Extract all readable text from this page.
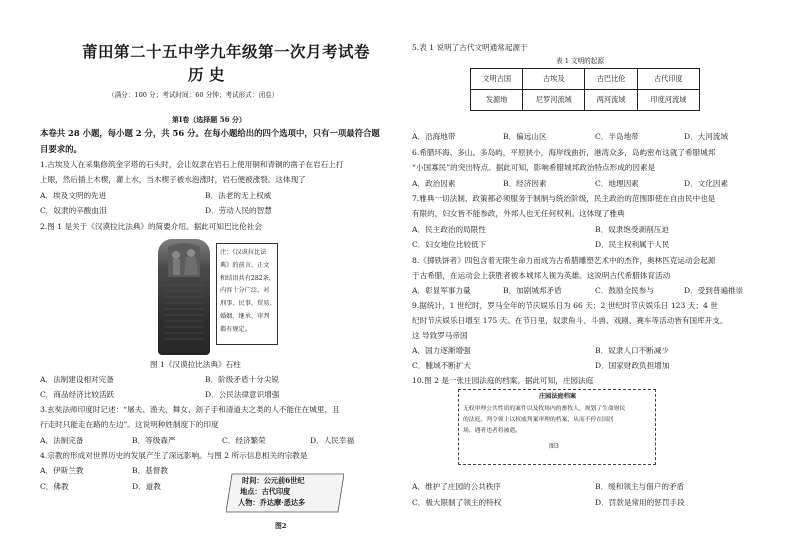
莆田第二十五中学九年级第一次月考试卷
历 史
（满分：100 分；考试时间：60 分钟；考试形式：闭卷）
第Ⅰ卷（选择题 56 分）
本卷共 28 小题，每小题 2 分，共 56 分。在每小题给出的四个选项中，只有一项最符合题
目要求的。
1.古埃及人在采集修筑金字塔的石头时，会让奴隶在岩石上使用铜和青铜的凿子在岩石上打
上眼，然后插上木楔，灌上水，当木楔子被水泡涨时，岩石便被涨裂。这体现了
A．埃及文明的先进	B．法老的无上权威
C．奴隶的辛酸血泪	D．劳动人民的智慧
2.图 1 是关于《汉谟拉比法典》的简要介绍。据此可知巴比伦社会
注：《汉谟拉比法
典》的前言、正文
和结语共有282条，
内容十分广泛，对
刑事、民事、贸易、
婚姻、继承、审判
都有规定。
图 1《汉谟拉比法典》石柱
A．法制建设相对完备	B．阶级矛盾十分尖锐
C．商品经济比较活跃	D．公民法律意识增强
3.玄奘法师印度时记述：“屠夫、渔夫、舞女、刽子手和清道夫之类的人不能住在城里，且
行走时只能走在路的左边”。这说明种姓制度下的印度
A．法制完备	B．等级森严	C．经济繁荣	D．人民幸福
4.宗教的形成对世界历史的发展产生了深远影响。与图 2 所示信息相关的宗教是
A．伊斯兰教	B．基督教
C．佛教	D．道教
时间：公元前6世纪
地点：古代印度
人物：乔达摩·悉达多
图2
5.表 1 说明了古代文明通常起源于
表 1 文明的起源
文明古国	古埃及	古巴比伦	古代印度
发源地	尼罗河流域	两河流域	印度河流域
A．沿海地带	B．偏远山区	C．半岛地带	D．大河流域
6.希腊环海、多山、多岛屿，平原狭小，海岸线曲折，港湾众多，岛屿密布这就了希腊城邦
“小国寡民”的突出特点。据此可知，影响希腊城邦政治特点形成的因素是
A．政治因素	B．经济因素	C．地理因素	D．文化因素
7.雅典一切法制、政策都必须服务于制制与统治阶级，民主政治的范围即使在自由民中也是
有限的，妇女皆不能参政，外邦人也无任何权利。这体现了雅典
A．民主政治的局限性	B．奴隶饱受剥削压迫
C．妇女地位比较低下	D．民主权利属于人民
8.《掷铁饼者》四包含着无限生命力而成为古希腊雕塑艺术中的杰作，奥林匹克运动会起源
于古希腊，在运动会上获胜者被本城邦人视为英雄。这说明古代希腊体育活动
A．彰显军事力量	B．加剧城邦矛盾	C．鼓励全民参与	D．受到普遍推崇
9.据统计，1 世纪时，罗马全年的节庆娱乐日为 66 天；2 世纪时节庆娱乐日 123 天；4 世
纪时节庆娱乐日增至 175 天。在节日里，奴隶角斗、斗兽、戏剧、赛车等活动皆有国库开支。
这 导致罗马帝国
A．国力逐渐增强	B．奴隶人口不断减少
C．腫域不断扩大	D．国家财政负担增加
10.图 2 是一张庄园法庭的档案。据此可知，庄园法庭
庄园法庭档案
无权审理公共性质的案件以及牧场内的畜牧人，规划了生命财民
的法庭。判令领主以权威判案审理的档案，从而不停在国居
场。遇者违者将被遣。
图3
A．维护了庄园的公共秩序	B．缓和领主与佃户的矛盾
C．极大限制了领主的特权	D．罚款是常用的惩罚手段
